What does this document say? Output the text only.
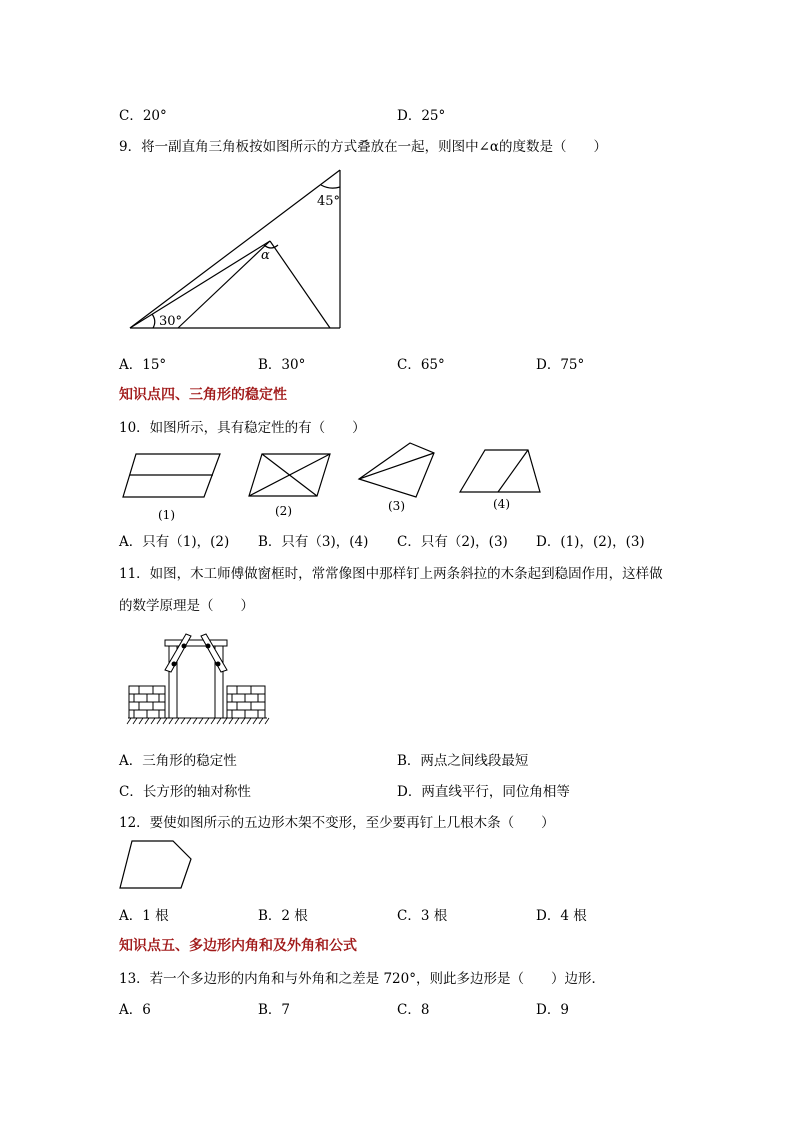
C．20°	D．25°
9．将一副直角三角板按如图所示的方式叠放在一起，则图中∠α的度数是（　　）
45°
α
30°
A．15°	B．30°	C．65°	D．75°
知识点四、三角形的稳定性
10．如图所示，具有稳定性的有（　　）
(1)	(2)	(3)	(4)
A．只有（1)，(2) B．只有（3)，(4) C．只有（2)，(3) D．(1)，(2)，(3)
11．如图，木工师傅做窗框时，常常像图中那样钉上两条斜拉的木条起到稳固作用，这样做
的数学原理是（　　）
A．三角形的稳定性	B．两点之间线段最短
C．长方形的轴对称性	D．两直线平行，同位角相等
12．要使如图所示的五边形木架不变形，至少要再钉上几根木条（　　）
A．1 根	B．2 根	C．3 根	D．4 根
知识点五、多边形内角和及外角和公式
13．若一个多边形的内角和与外角和之差是 720°，则此多边形是（　　）边形．
A．6	B．7	C．8	D．9
